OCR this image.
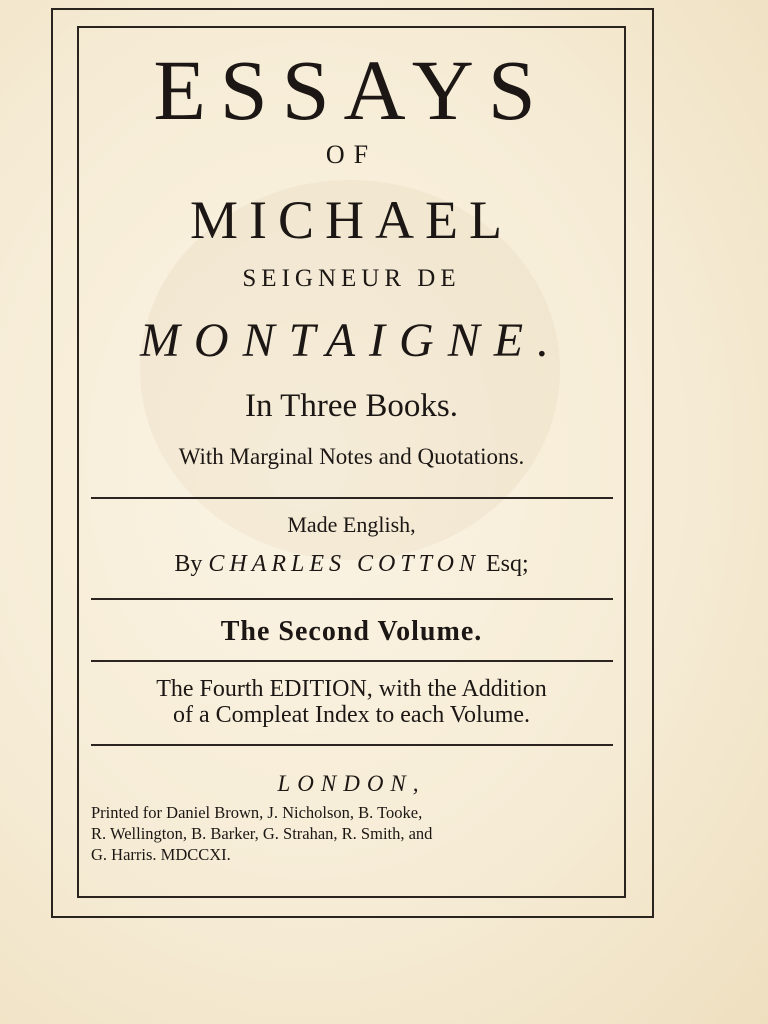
ESSAYS
OF
MICHAEL
SEIGNEUR DE
MONTAIGNE.
In Three Books.
With Marginal Notes and Quotations.
Made English,
By CHARLES COTTON Esq;
The Second Volume.
The Fourth EDITION, with the Addition
of a Compleat Index to each Volume.
LONDON,
Printed for Daniel Brown, J. Nicholson, B. Tooke,
R. Wellington, B. Barker, G. Strahan, R. Smith, and
G. Harris. MDCCXI.
